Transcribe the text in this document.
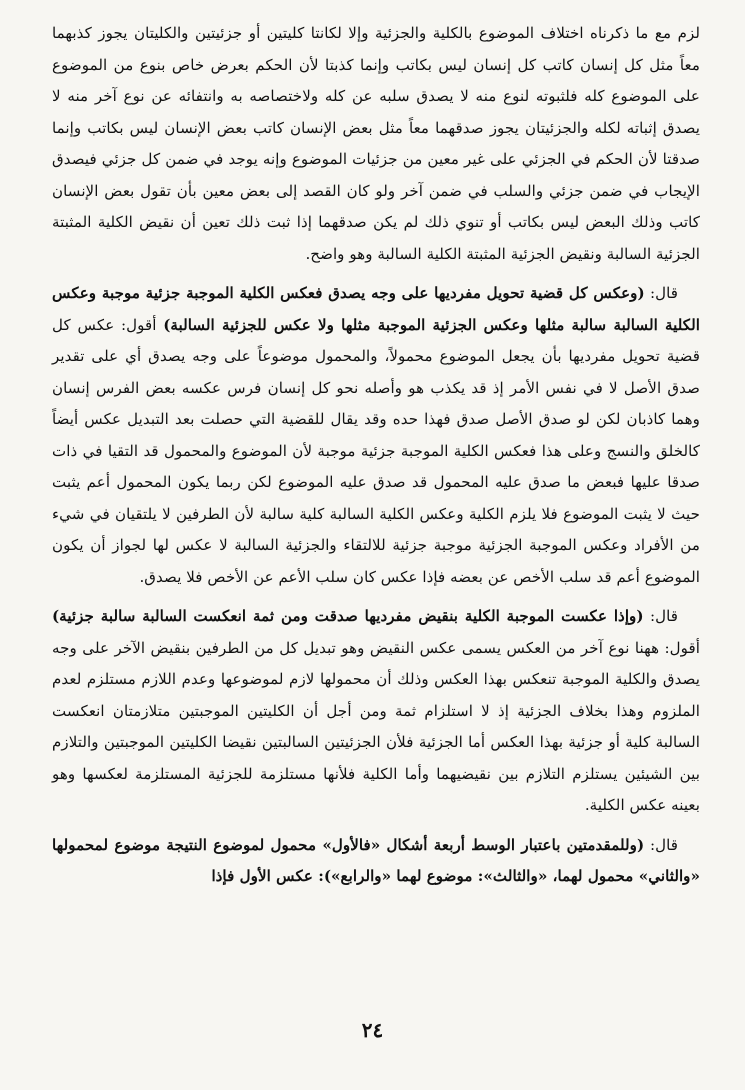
لزم مع ما ذكرناه اختلاف الموضوع بالكلية والجزئية وإلا لكانتا كليتين أو جزئيتين والكليتان يجوز كذبهما معاً مثل كل إنسان كاتب كل إنسان ليس بكاتب وإنما كذبتا لأن الحكم بعرض خاص بنوع من الموضوع على الموضوع كله فلثبوته لنوع منه لا يصدق سلبه عن كله ولاختصاصه به وانتفائه عن نوع آخر منه لا يصدق إثباته لكله والجزئيتان يجوز صدقهما معاً مثل بعض الإنسان كاتب بعض الإنسان ليس بكاتب وإنما صدقتا لأن الحكم في الجزئي على غير معين من جزئيات الموضوع وإنه يوجد في ضمن كل جزئي فيصدق الإيجاب في ضمن جزئي والسلب في ضمن آخر ولو كان القصد إلى بعض معين بأن تقول بعض الإنسان كاتب وذلك البعض ليس بكاتب أو تنوي ذلك لم يكن صدقهما إذا ثبت ذلك تعين أن نقيض الكلية المثبتة الجزئية السالبة ونقيض الجزئية المثبتة الكلية السالبة وهو واضح.

قال: (وعكس كل قضية تحويل مفرديها على وجه يصدق فعكس الكلية الموجبة جزئية موجبة وعكس الكلية السالبة سالبة مثلها وعكس الجزئية الموجبة مثلها ولا عكس للجزئية السالبة) أقول: عكس كل قضية تحويل مفرديها بأن يجعل الموضوع محمولاً، والمحمول موضوعاً على وجه يصدق أي على تقدير صدق الأصل لا في نفس الأمر إذ قد يكذب هو وأصله نحو كل إنسان فرس عكسه بعض الفرس إنسان وهما كاذبان لكن لو صدق الأصل صدق فهذا حده وقد يقال للقضية التي حصلت بعد التبديل عكس أيضاً كالخلق والنسج وعلى هذا فعكس الكلية الموجبة جزئية موجبة لأن الموضوع والمحمول قد التقيا في ذات صدقا عليها فبعض ما صدق عليه المحمول قد صدق عليه الموضوع لكن ربما يكون المحمول أعم يثبت حيث لا يثبت الموضوع فلا يلزم الكلية وعكس الكلية السالبة كلية سالبة لأن الطرفين لا يلتقيان في شيء من الأفراد وعكس الموجبة الجزئية موجبة جزئية للالتقاء والجزئية السالبة لا عكس لها لجواز أن يكون الموضوع أعم قد سلب الأخص عن بعضه فإذا عكس كان سلب الأعم عن الأخص فلا يصدق.

قال: (وإذا عكست الموجبة الكلية بنقيض مفرديها صدقت ومن ثمة انعكست السالبة سالبة جزئية) أقول: ههنا نوع آخر من العكس يسمى عكس النقيض وهو تبديل كل من الطرفين بنقيض الآخر على وجه يصدق والكلية الموجبة تنعكس بهذا العكس وذلك أن محمولها لازم لموضوعها وعدم اللازم مستلزم لعدم الملزوم وهذا بخلاف الجزئية إذ لا استلزام ثمة ومن أجل أن الكليتين الموجبتين متلازمتان انعكست السالبة كلية أو جزئية بهذا العكس أما الجزئية فلأن الجزئيتين السالبتين نقيضا الكليتين الموجبتين والتلازم بين الشيئين يستلزم التلازم بين نقيضيهما وأما الكلية فلأنها مستلزمة للجزئية المستلزمة لعكسها وهو بعينه عكس الكلية.

قال: (وللمقدمتين باعتبار الوسط أربعة أشكال «فالأول» محمول لموضوع النتيجة موضوع لمحمولها «والثاني» محمول لهما، «والثالث»: موضوع لهما «والرابع»): عكس الأول فإذا

٢٤
